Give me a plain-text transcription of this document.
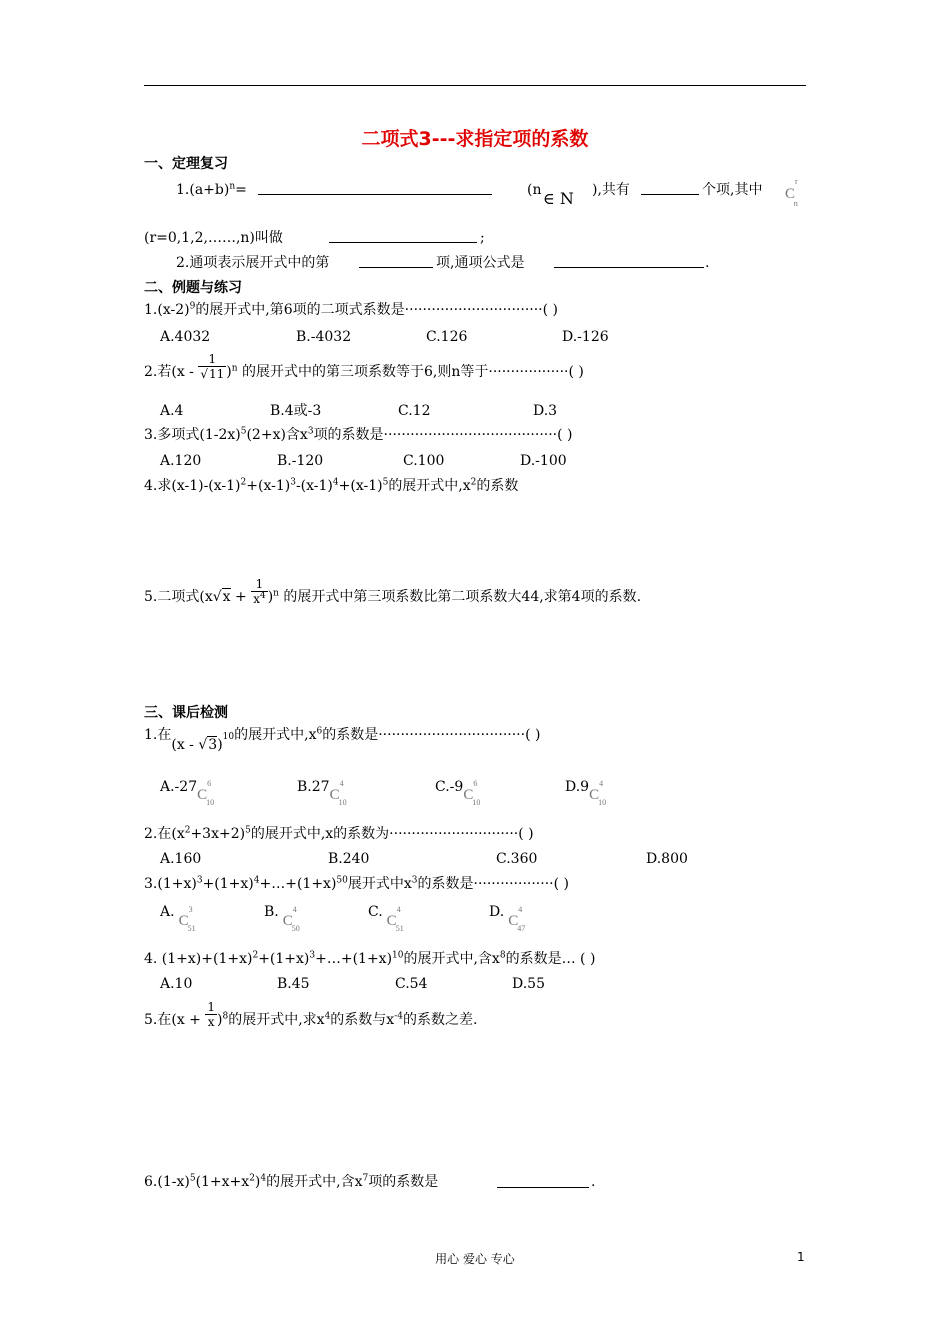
二项式3---求指定项的系数
一、定理复习
$1.(a+b)^n=$	(n ∈ N ),共有	个项,其中 $C^r_n$
(r=0,1,2,……,n)叫做	;
2.通项表示展开式中的第	项,通项公式是	.
二、例题与练习
$1.(x-2)^9$的展开式中,第6项的二项式系数是·······························( )
A.4032	B.-4032	C.126	D.-126
2.若$(x - \frac{1}{√11} )^n$ 的展开式中的第三项系数等于6,则n等于··················( )
A.4	B.4或-3	C.12	D.3
3.多项式$(1-2x)^5(2+x)$含$x^3$项的系数是·······································( )
A.120	B.-120	C.100	D.-100
4.求$(x-1)-(x-1)^2+(x-1)^3-(x-1)^4+(x-1)^5$的展开式中$,x^2$的系数
5.二项式$(x√x + \frac{1}{x^4} )^n$ 的展开式中第三项系数比第二项系数大44,求第4项的系数.
三、课后检测
1.在(x - √3)$^{10}$的展开式中$,x^6$的系数是·································( )
$A.-27C^6_{10}$
$B.27C^4_{10}$
$C.-9C^6_{10}$
$D.9C^4_{10}$
2.在$(x^2+3x+2)^5$的展开式中,x的系数为·····························( )
A.160	B.240	C.360	D.800
$3.(1+x)^3+(1+x)^4+\dots+(1+x)^{50}$展开式中$x^3$的系数是··················( )
$A.C^3_{51}$
$B.C^4_{50}$
$C.C^4_{51}$
$D.C^4_{47}$
4. $(1+x)+(1+x)^2+(1+x)^3+\dots+(1+x)^{10}$的展开式中,含$x^8$的系数是… ( )
A.10	B.45	C.54	D.55
5.在$(x + \frac{1}{x} )^8$的展开式中,求$x^4$的系数与$x^{-4}$的系数之差.
$6.(1-x)^5(1+x+x^2)^4$的展开式中,含$x^7$项的系数是	.
用心 爱心 专心	1
